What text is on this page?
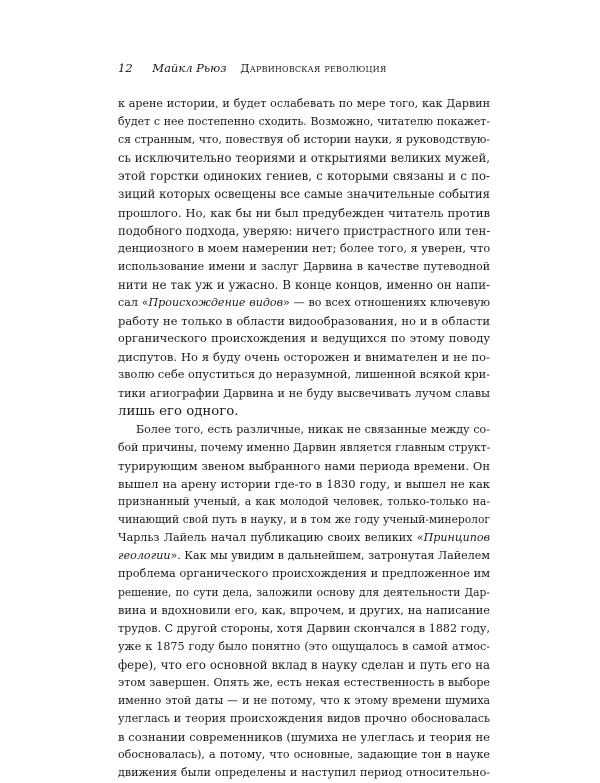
12 Майкл Рьюз Дарвиновская революция
к арене истории, и будет ослабевать по мере того, как Дарвин
будет с нее постепенно сходить. Возможно, читателю покажет-
ся странным, что, повествуя об истории науки, я руководствую-
сь исключительно теориями и открытиями великих мужей,
этой горстки одиноких гениев, с которыми связаны и с по-
зиций которых освещены все самые значительные события
прошлого. Но, как бы ни был предубежден читатель против
подобного подхода, уверяю: ничего пристрастного или тен-
денциозного в моем намерении нет; более того, я уверен, что
использование имени и заслуг Дарвина в качестве путеводной
нити не так уж и ужасно. В конце концов, именно он напи-
сал «Происхождение видов» — во всех отношениях ключевую
работу не только в области видообразования, но и в области
органического происхождения и ведущихся по этому поводу
диспутов. Но я буду очень осторожен и внимателен и не по-
зволю себе опуститься до неразумной, лишенной всякой кри-
тики агиографии Дарвина и не буду высвечивать лучом славы
лишь его одного.
Более того, есть различные, никак не связанные между со-
бой причины, почему именно Дарвин является главным структ-
турирующим звеном выбранного нами периода времени. Он
вышел на арену истории где-то в 1830 году, и вышел не как
признанный ученый, а как молодой человек, только-только на-
чинающий свой путь в науку, и в том же году ученый-минеролог
Чарльз Лайель начал публикацию своих великих «Принципов
геологии». Как мы увидим в дальнейшем, затронутая Лайелем
проблема органического происхождения и предложенное им
решение, по сути дела, заложили основу для деятельности Дар-
вина и вдохновили его, как, впрочем, и других, на написание
трудов. С другой стороны, хотя Дарвин скончался в 1882 году,
уже к 1875 году было понятно (это ощущалось в самой атмос-
фере), что его основной вклад в науку сделан и путь его на
этом завершен. Опять же, есть некая естественность в выборе
именно этой даты — и не потому, что к этому времени шумиха
улеглась и теория происхождения видов прочно обосновалась
в сознании современников (шумиха не улеглась и теория не
обосновалась), а потому, что основные, задающие тон в науке
движения были определены и наступил период относительно-
